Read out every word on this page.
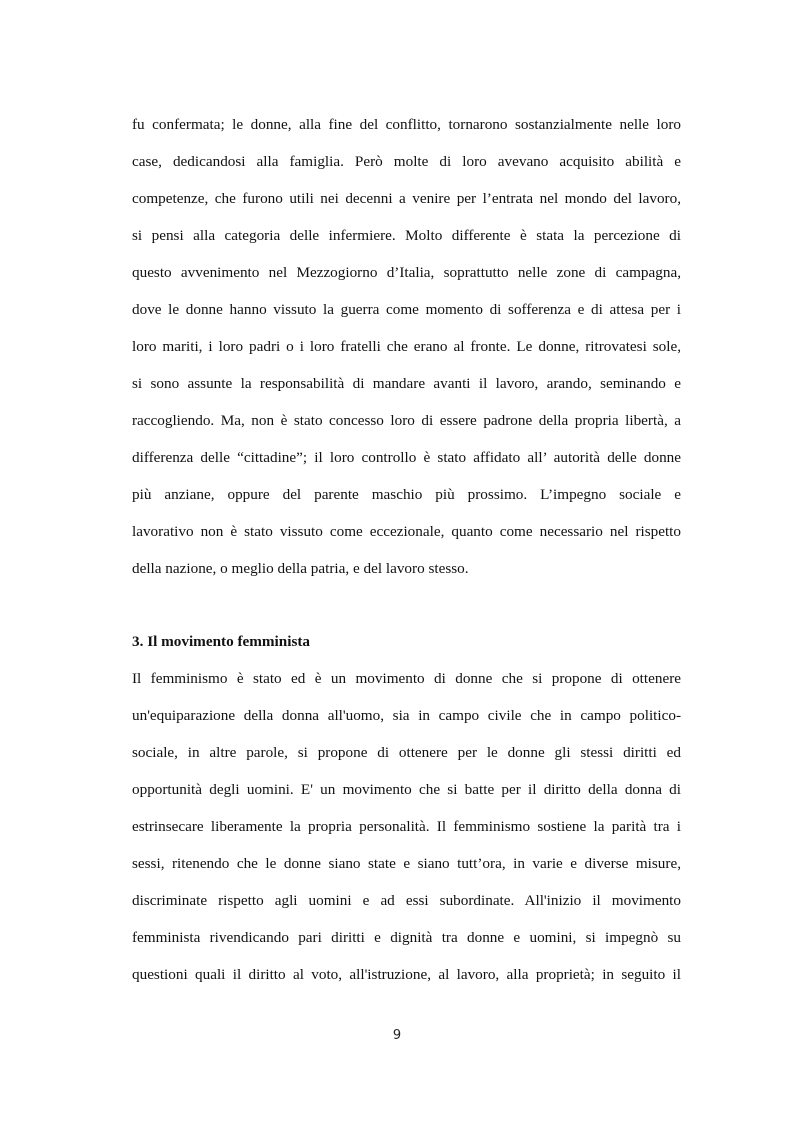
fu confermata; le donne, alla fine del conflitto, tornarono sostanzialmente nelle loro
case, dedicandosi alla famiglia. Però molte di loro avevano acquisito abilità e
competenze, che furono utili nei decenni a venire per l’entrata nel mondo del lavoro,
si pensi alla categoria delle infermiere. Molto differente è stata la percezione di
questo avvenimento nel Mezzogiorno d’Italia, soprattutto nelle zone di campagna,
dove le donne hanno vissuto la guerra come momento di sofferenza e di attesa per i
loro mariti, i loro padri o i loro fratelli che erano al fronte. Le donne, ritrovatesi sole,
si sono assunte la responsabilità di mandare avanti il lavoro, arando, seminando e
raccogliendo. Ma, non è stato concesso loro di essere padrone della propria libertà, a
differenza delle “cittadine”; il loro controllo è stato affidato all’ autorità delle donne
più anziane, oppure del parente maschio più prossimo. L’impegno sociale e
lavorativo non è stato vissuto come eccezionale, quanto come necessario nel rispetto
della nazione, o meglio della patria, e del lavoro stesso.
3. Il movimento femminista
Il femminismo è stato ed è un movimento di donne che si propone di ottenere
un'equiparazione della donna all'uomo, sia in campo civile che in campo politico-
sociale, in altre parole, si propone di ottenere per le donne gli stessi diritti ed
opportunità degli uomini. E' un movimento che si batte per il diritto della donna di
estrinsecare liberamente la propria personalità. Il femminismo sostiene la parità tra i
sessi, ritenendo che le donne siano state e siano tutt’ora, in varie e diverse misure,
discriminate rispetto agli uomini e ad essi subordinate. All'inizio il movimento
femminista rivendicando pari diritti e dignità tra donne e uomini, si impegnò su
questioni quali il diritto al voto, all'istruzione, al lavoro, alla proprietà; in seguito il
9
